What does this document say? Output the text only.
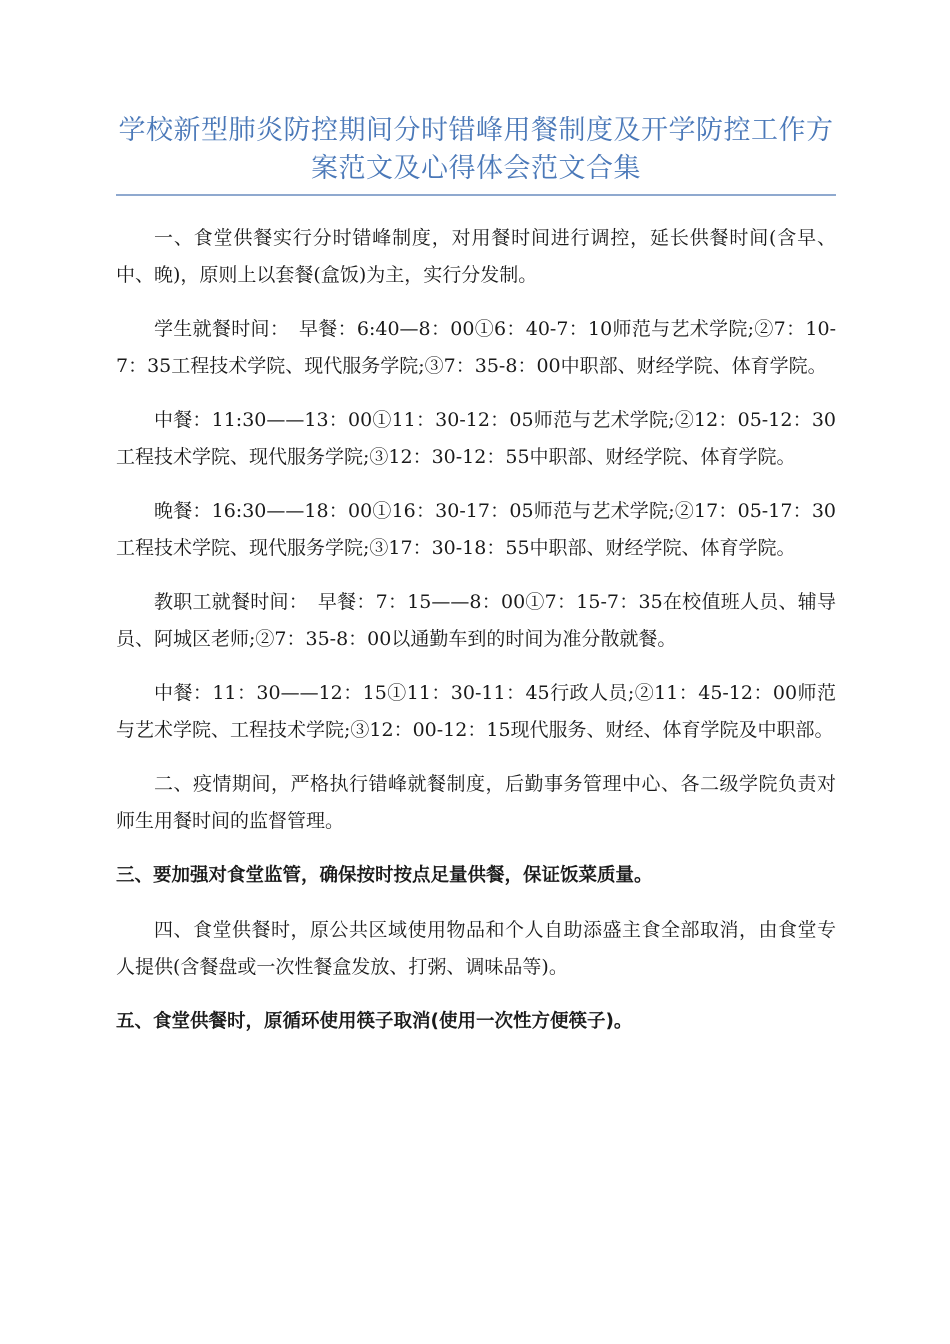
学校新型肺炎防控期间分时错峰用餐制度及开学防控工作方案范文及心得体会范文合集

一、食堂供餐实行分时错峰制度，对用餐时间进行调控，延长供餐时间(含早、中、晚)，原则上以套餐(盒饭)为主，实行分发制。

学生就餐时间：　早餐：6:40—8：00①6：40-7：10师范与艺术学院;②7：10-7：35工程技术学院、现代服务学院;③7：35-8：00中职部、财经学院、体育学院。

中餐：11:30——13：00①11：30-12：05师范与艺术学院;②12：05-12：30工程技术学院、现代服务学院;③12：30-12：55中职部、财经学院、体育学院。

晚餐：16:30——18：00①16：30-17：05师范与艺术学院;②17：05-17：30工程技术学院、现代服务学院;③17：30-18：55中职部、财经学院、体育学院。

教职工就餐时间：　早餐：7：15——8：00①7：15-7：35在校值班人员、辅导员、阿城区老师;②7：35-8：00以通勤车到的时间为准分散就餐。

中餐：11：30——12：15①11：30-11：45行政人员;②11：45-12：00师范与艺术学院、工程技术学院;③12：00-12：15现代服务、财经、体育学院及中职部。

二、疫情期间，严格执行错峰就餐制度，后勤事务管理中心、各二级学院负责对师生用餐时间的监督管理。

三、要加强对食堂监管，确保按时按点足量供餐，保证饭菜质量。

四、食堂供餐时，原公共区域使用物品和个人自助添盛主食全部取消，由食堂专人提供(含餐盘或一次性餐盒发放、打粥、调味品等)。

五、食堂供餐时，原循环使用筷子取消(使用一次性方便筷子)。
